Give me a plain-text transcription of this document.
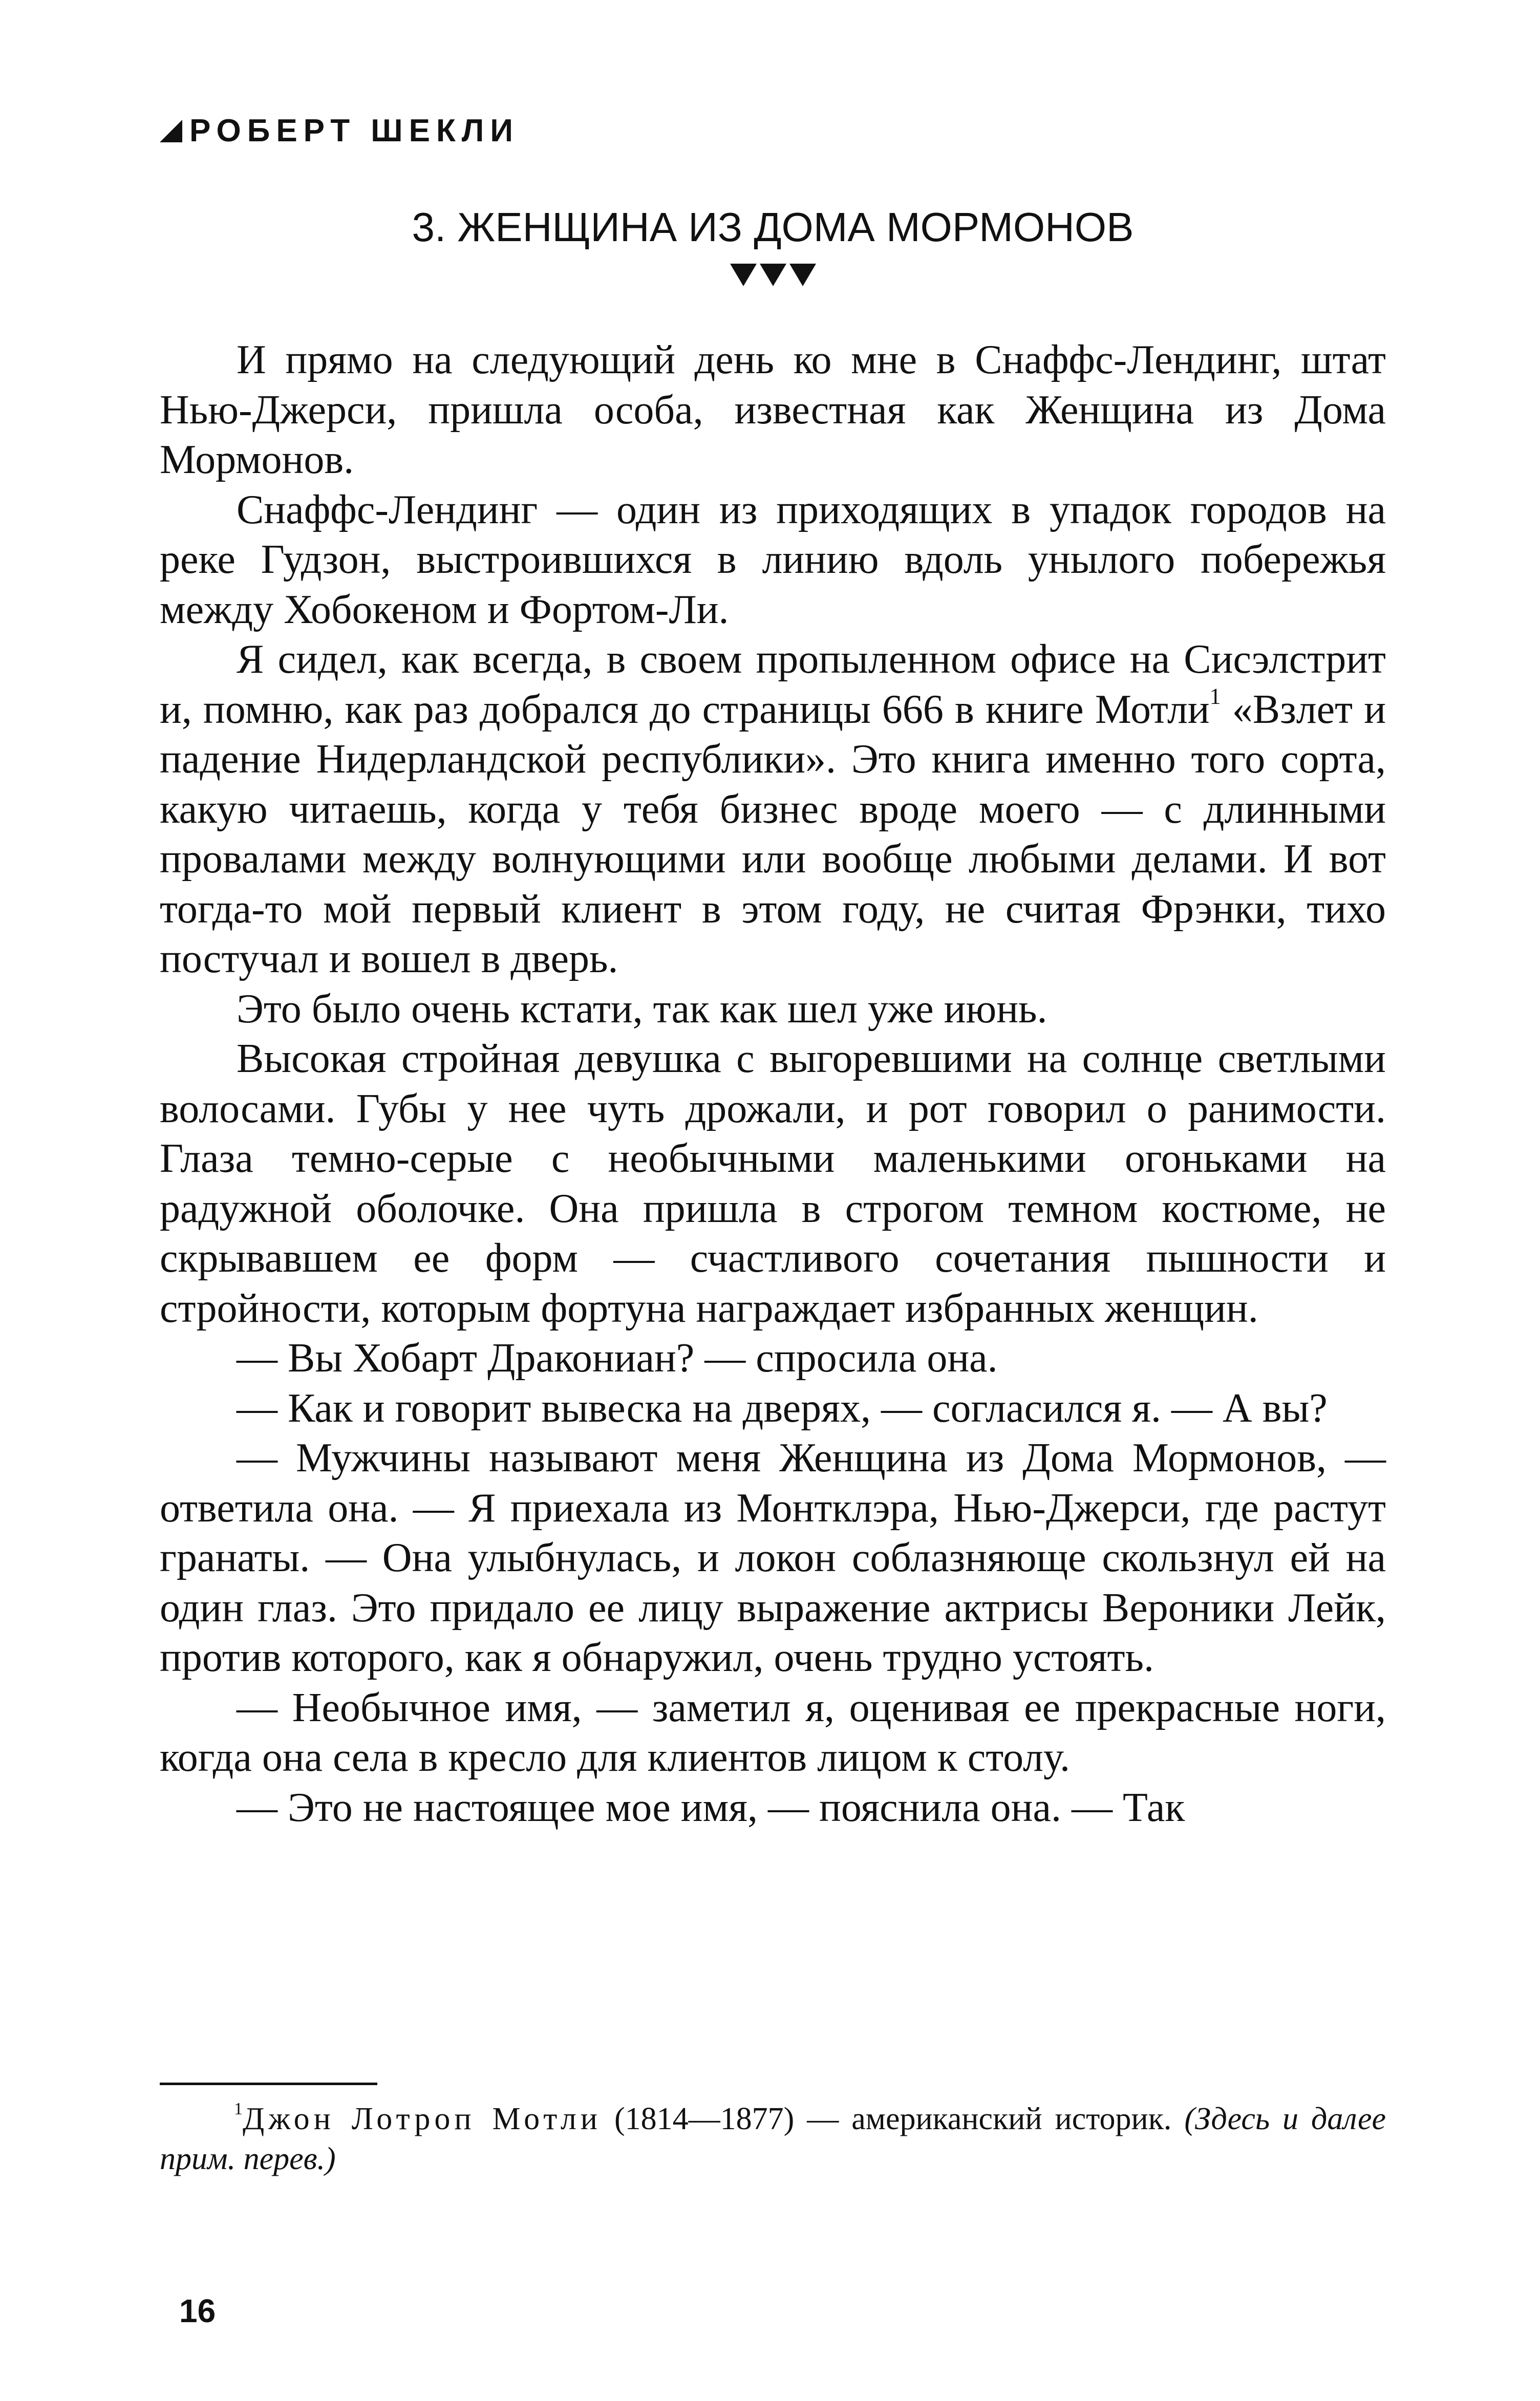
РОБЕРТ ШЕКЛИ
3. ЖЕНЩИНА ИЗ ДОМА МОРМОНОВ

И прямо на следующий день ко мне в Снаффс-Лендинг, штат Нью-Джерси, пришла особа, известная как Женщина из Дома Мормонов.

Снаффс-Лендинг — один из приходящих в упадок городов на реке Гудзон, выстроившихся в линию вдоль унылого побережья между Хобокеном и Фортом-Ли.

Я сидел, как всегда, в своем пропыленном офисе на Сисэлстрит и, помню, как раз добрался до страницы 666 в книге Мотли$^1$ «Взлет и падение Нидерландской республики». Это книга именно того сорта, какую читаешь, когда у тебя бизнес вроде моего — с длинными провалами между волнующими или вообще любыми делами. И вот тогда-то мой первый клиент в этом году, не считая Фрэнки, тихо постучал и вошел в дверь.

Это было очень кстати, так как шел уже июнь.

Высокая стройная девушка с выгоревшими на солнце светлыми волосами. Губы у нее чуть дрожали, и рот говорил о ранимости. Глаза темно-серые с необычными маленькими огоньками на радужной оболочке. Она пришла в строгом темном костюме, не скрывавшем ее форм — счастливого сочетания пышности и стройности, которым фортуна награждает избранных женщин.

— Вы Хобарт Дракониан? — спросила она.

— Как и говорит вывеска на дверях, — согласился я. — А вы?

— Мужчины называют меня Женщина из Дома Мормонов, — ответила она. — Я приехала из Монтклэра, Нью-Джерси, где растут гранаты. — Она улыбнулась, и локон соблазняюще скользнул ей на один глаз. Это придало ее лицу выражение актрисы Вероники Лейк, против которого, как я обнаружил, очень трудно устоять.

— Необычное имя, — заметил я, оценивая ее прекрасные ноги, когда она села в кресло для клиентов лицом к столу.

— Это не настоящее мое имя, — пояснила она. — Так

$^1$Джон Лотроп Мотли (1814—1877) — американский историк. (Здесь и далее прим. перев.)

16
